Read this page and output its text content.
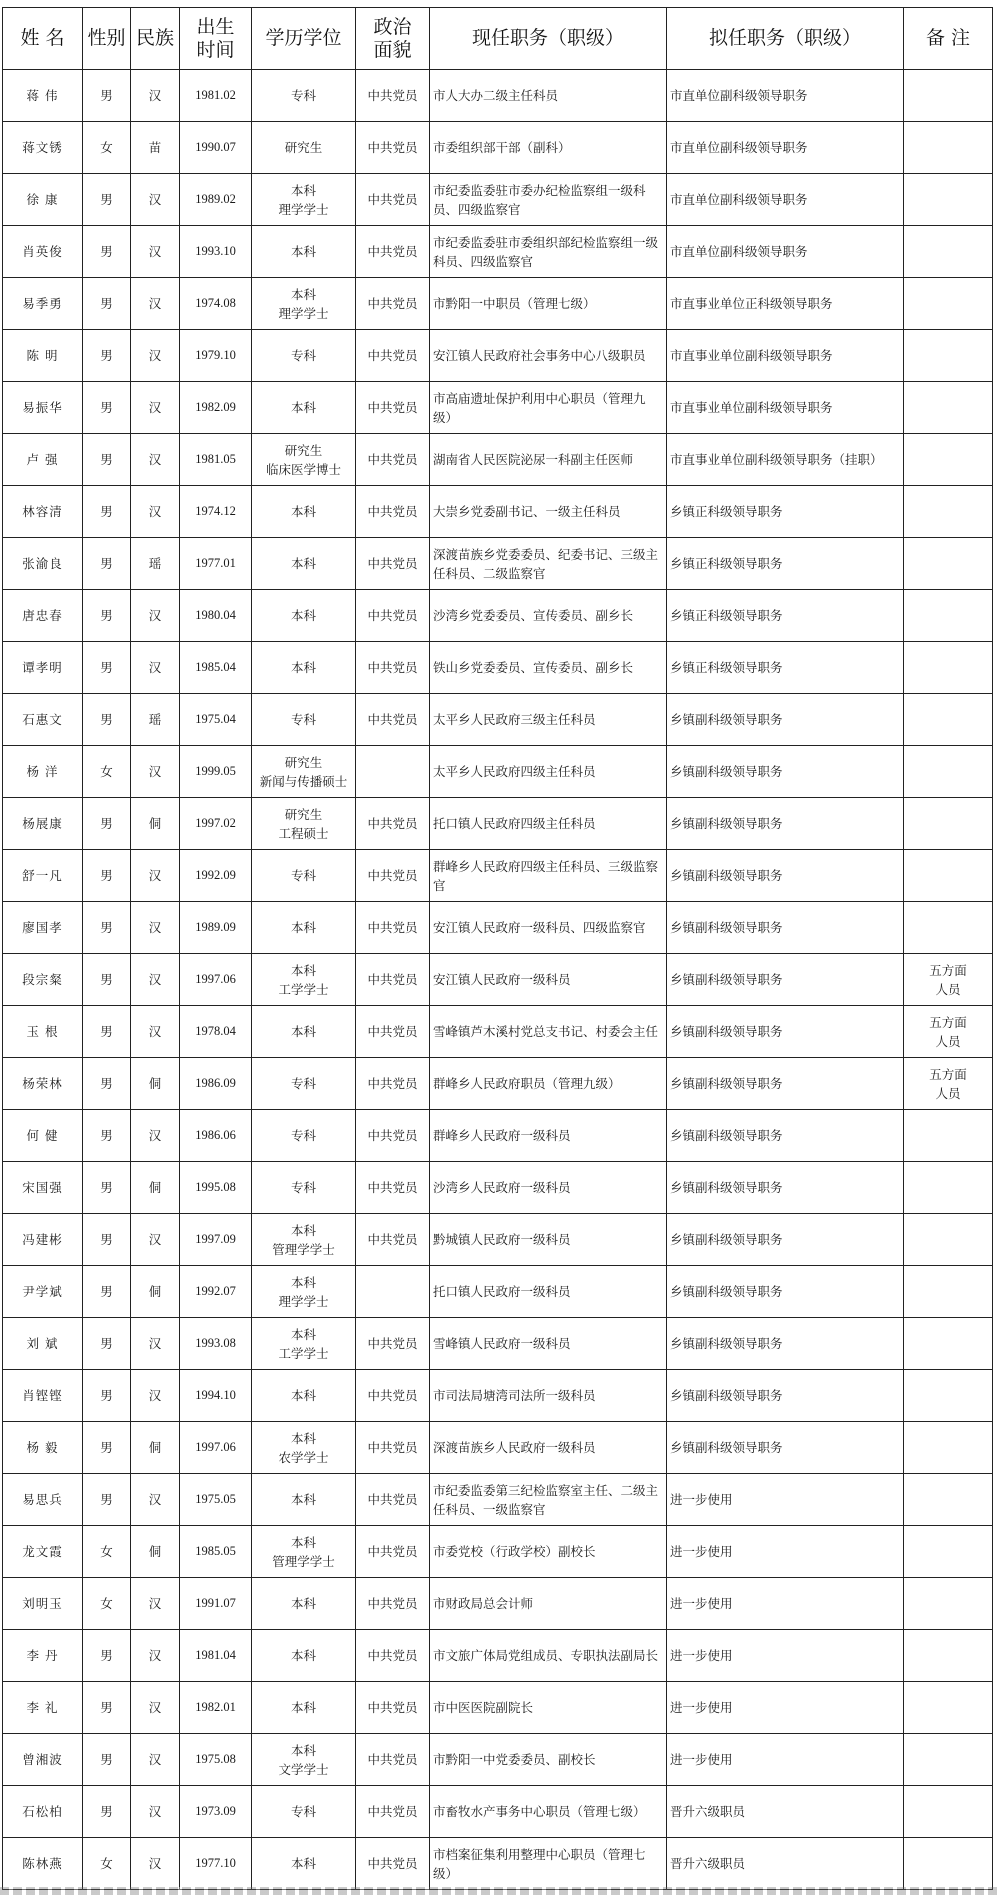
姓 名	性别	民族	出生
时间	学历学位	政治
面貌	现任职务（职级）	拟任职务（职级）	备 注

蒋 伟	男	汉	1981.02	专科	中共党员	市人大办二级主任科员	市直单位副科级领导职务	

蒋文锈	女	苗	1990.07	研究生	中共党员	市委组织部干部（副科）	市直单位副科级领导职务	

徐 康	男	汉	1989.02	本科
理学学士	中共党员	市纪委监委驻市委办纪检监察组一级科员、四级监察官	市直单位副科级领导职务	

肖英俊	男	汉	1993.10	本科	中共党员	市纪委监委驻市委组织部纪检监察组一级科员、四级监察官	市直单位副科级领导职务	

易季勇	男	汉	1974.08	本科
理学学士	中共党员	市黔阳一中职员（管理七级）	市直事业单位正科级领导职务	

陈 明	男	汉	1979.10	专科	中共党员	安江镇人民政府社会事务中心八级职员	市直事业单位副科级领导职务	

易振华	男	汉	1982.09	本科	中共党员	市高庙遗址保护利用中心职员（管理九级）	市直事业单位副科级领导职务	

卢 强	男	汉	1981.05	研究生
临床医学博士	中共党员	湖南省人民医院泌尿一科副主任医师	市直事业单位副科级领导职务（挂职）	

林容清	男	汉	1974.12	本科	中共党员	大崇乡党委副书记、一级主任科员	乡镇正科级领导职务	

张渝良	男	瑶	1977.01	本科	中共党员	深渡苗族乡党委委员、纪委书记、三级主任科员、二级监察官	乡镇正科级领导职务	

唐忠春	男	汉	1980.04	本科	中共党员	沙湾乡党委委员、宣传委员、副乡长	乡镇正科级领导职务	

谭孝明	男	汉	1985.04	本科	中共党员	铁山乡党委委员、宣传委员、副乡长	乡镇正科级领导职务	

石惠文	男	瑶	1975.04	专科	中共党员	太平乡人民政府三级主任科员	乡镇副科级领导职务	

杨 洋	女	汉	1999.05	研究生
新闻与传播硕士		太平乡人民政府四级主任科员	乡镇副科级领导职务	

杨展康	男	侗	1997.02	研究生
工程硕士	中共党员	托口镇人民政府四级主任科员	乡镇副科级领导职务	

舒一凡	男	汉	1992.09	专科	中共党员	群峰乡人民政府四级主任科员、三级监察官	乡镇副科级领导职务	

廖国孝	男	汉	1989.09	本科	中共党员	安江镇人民政府一级科员、四级监察官	乡镇副科级领导职务	

段宗粲	男	汉	1997.06	本科
工学学士	中共党员	安江镇人民政府一级科员	乡镇副科级领导职务	五方面
人员

玉 根	男	汉	1978.04	本科	中共党员	雪峰镇芦木溪村党总支书记、村委会主任	乡镇副科级领导职务	五方面
人员

杨荣林	男	侗	1986.09	专科	中共党员	群峰乡人民政府职员（管理九级）	乡镇副科级领导职务	五方面
人员

何 健	男	汉	1986.06	专科	中共党员	群峰乡人民政府一级科员	乡镇副科级领导职务	

宋国强	男	侗	1995.08	专科	中共党员	沙湾乡人民政府一级科员	乡镇副科级领导职务	

冯建彬	男	汉	1997.09	本科
管理学学士	中共党员	黔城镇人民政府一级科员	乡镇副科级领导职务	

尹学斌	男	侗	1992.07	本科
理学学士		托口镇人民政府一级科员	乡镇副科级领导职务	

刘 斌	男	汉	1993.08	本科
工学学士	中共党员	雪峰镇人民政府一级科员	乡镇副科级领导职务	

肖铿铿	男	汉	1994.10	本科	中共党员	市司法局塘湾司法所一级科员	乡镇副科级领导职务	

杨 毅	男	侗	1997.06	本科
农学学士	中共党员	深渡苗族乡人民政府一级科员	乡镇副科级领导职务	

易思兵	男	汉	1975.05	本科	中共党员	市纪委监委第三纪检监察室主任、二级主任科员、一级监察官	进一步使用	

龙文霞	女	侗	1985.05	本科
管理学学士	中共党员	市委党校（行政学校）副校长	进一步使用	

刘明玉	女	汉	1991.07	本科	中共党员	市财政局总会计师	进一步使用	

李 丹	男	汉	1981.04	本科	中共党员	市文旅广体局党组成员、专职执法副局长	进一步使用	

李 礼	男	汉	1982.01	本科	中共党员	市中医医院副院长	进一步使用	

曾湘波	男	汉	1975.08	本科
文学学士	中共党员	市黔阳一中党委委员、副校长	进一步使用	

石松柏	男	汉	1973.09	专科	中共党员	市畜牧水产事务中心职员（管理七级）	晋升六级职员	

陈林燕	女	汉	1977.10	本科	中共党员	市档案征集利用整理中心职员（管理七级）	晋升六级职员	
